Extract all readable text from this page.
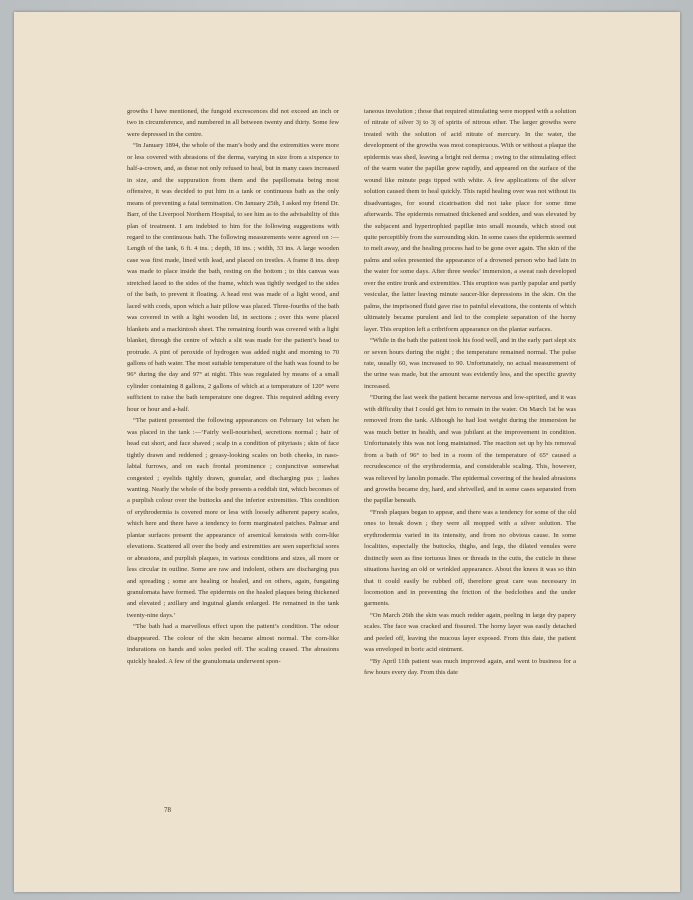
growths I have mentioned, the fungoid excrescences did not exceed an inch or two in circumference, and numbered in all between twenty and thirty. Some few were depressed in the centre.

“In January 1894, the whole of the man’s body and the extremities were more or less covered with abrasions of the derma, varying in size from a sixpence to half-a-crown, and, as these not only refused to heal, but in many cases increased in size, and the suppuration from them and the papillomata being most offensive, it was decided to put him in a tank or continuous bath as the only means of preventing a fatal termination. On January 25th, I asked my friend Dr. Barr, of the Liverpool Northern Hospital, to see him as to the advisability of this plan of treatment. I am indebted to him for the following suggestions with regard to the continuous bath. The following measurements were agreed on :—Length of the tank, 6 ft. 4 ins. ; depth, 18 ins. ; width, 33 ins. A large wooden case was first made, lined with lead, and placed on trestles. A frame 8 ins. deep was made to place inside the bath, resting on the bottom ; to this canvas was stretched laced to the sides of the frame, which was tightly wedged to the sides of the bath, to prevent it floating. A head rest was made of a light wood, and laced with cords, upon which a hair pillow was placed. Three-fourths of the bath was covered in with a light wooden lid, in sections ; over this were placed blankets and a mackintosh sheet. The remaining fourth was covered with a light blanket, through the centre of which a slit was made for the patient’s head to protrude. A pint of peroxide of hydrogen was added night and morning to 70 gallons of bath water. The most suitable temperature of the bath was found to be 96° during the day and 97° at night. This was regulated by means of a small cylinder containing 8 gallons, 2 gallons of which at a temperature of 120° were sufficient to raise the bath temperature one degree. This required adding every hour or hour and a-half.

“The patient presented the following appearances on February 1st when he was placed in the tank :—‘Fairly well-nourished, secretions normal ; hair of head cut short, and face shaved ; scalp in a condition of pityriasis ; skin of face tightly drawn and reddened ; greasy-looking scales on both cheeks, in naso-labial furrows, and on each frontal prominence ; conjunctivæ somewhat congested ; eyelids tightly drawn, granular, and discharging pus ; lashes wanting. Nearly the whole of the body presents a reddish tint, which becomes of a purplish colour over the buttocks and the inferior extremities. This condition of erythrodermia is covered more or less with loosely adherent papery scales, which here and there have a tendency to form marginated patches. Palmar and plantar surfaces present the appearance of arsenical keratosis with corn-like elevations. Scattered all over the body and extremities are seen superficial sores or abrasions, and purplish plaques, in various conditions and sizes, all more or less circular in outline. Some are raw and indolent, others are discharging pus and spreading ; some are healing or healed, and on others, again, fungating granulomata have formed. The epidermis on the healed plaques being thickened and elevated ; axillary and inguinal glands enlarged. He remained in the tank twenty-nine days.’

“The bath had a marvellous effect upon the patient’s condition. The odour disappeared. The colour of the skin became almost normal. The corn-like indurations on hands and soles peeled off. The scaling ceased. The abrasions quickly healed. A few of the granulomata underwent spon-

taneous involution ; those that required stimulating were mopped with a solution of nitrate of silver 3j to 3j of spirits of nitrous ether. The larger growths were treated with the solution of acid nitrate of mercury. In the water, the development of the growths was most conspicuous. With or without a plaque the epidermis was shed, leaving a bright red derma ; owing to the stimulating effect of the warm water the papillæ grew rapidly, and appeared on the surface of the wound like minute pegs tipped with white. A few applications of the silver solution caused them to heal quickly. This rapid healing over was not without its disadvantages, for sound cicatrisation did not take place for some time afterwards. The epidermis remained thickened and sodden, and was elevated by the subjacent and hypertrophied papillæ into small mounds, which stood out quite perceptibly from the surrounding skin. In some cases the epidermis seemed to melt away, and the healing process had to be gone over again. The skin of the palms and soles presented the appearance of a drowned person who had lain in the water for some days. After three weeks’ immersion, a sweat rash developed over the entire trunk and extremities. This eruption was partly papular and partly vesicular, the latter leaving minute saucer-like depressions in the skin. On the palms, the imprisoned fluid gave rise to painful elevations, the contents of which ultimately became purulent and led to the complete separation of the horny layer. This eruption left a cribriform appearance on the plantar surfaces.

“While in the bath the patient took his food well, and in the early part slept six or seven hours during the night ; the temperature remained normal. The pulse rate, usually 60, was increased to 90. Unfortunately, no actual measurement of the urine was made, but the amount was evidently less, and the specific gravity increased.

“During the last week the patient became nervous and low-spirited, and it was with difficulty that I could get him to remain in the water. On March 1st he was removed from the tank. Although he had lost weight during the immersion he was much better in health, and was jubilant at the improvement in condition. Unfortunately this was not long maintained. The reaction set up by his removal from a bath of 96° to bed in a room of the temperature of 65° caused a recrudescence of the erythrodermia, and considerable scaling. This, however, was relieved by lanolin pomade. The epidermal covering of the healed abrasions and growths became dry, hard, and shrivelled, and in some cases separated from the papillæ beneath.

“Fresh plaques began to appear, and there was a tendency for some of the old ones to break down ; they were all mopped with a silver solution. The erythrodermia varied in its intensity, and from no obvious cause. In some localities, especially the buttocks, thighs, and legs, the dilated venules were distinctly seen as fine tortuous lines or threads in the cutis, the cuticle in these situations having an old or wrinkled appearance. About the knees it was so thin that it could easily be rubbed off, therefore great care was necessary in locomotion and in preventing the friction of the bedclothes and the under garments.

“On March 26th the skin was much redder again, peeling in large dry papery scales. The face was cracked and fissured. The horny layer was easily detached and peeled off, leaving the mucous layer exposed. From this date, the patient was enveloped in boric acid ointment.

“By April 11th patient was much improved again, and went to business for a few hours every day. From this date

78
